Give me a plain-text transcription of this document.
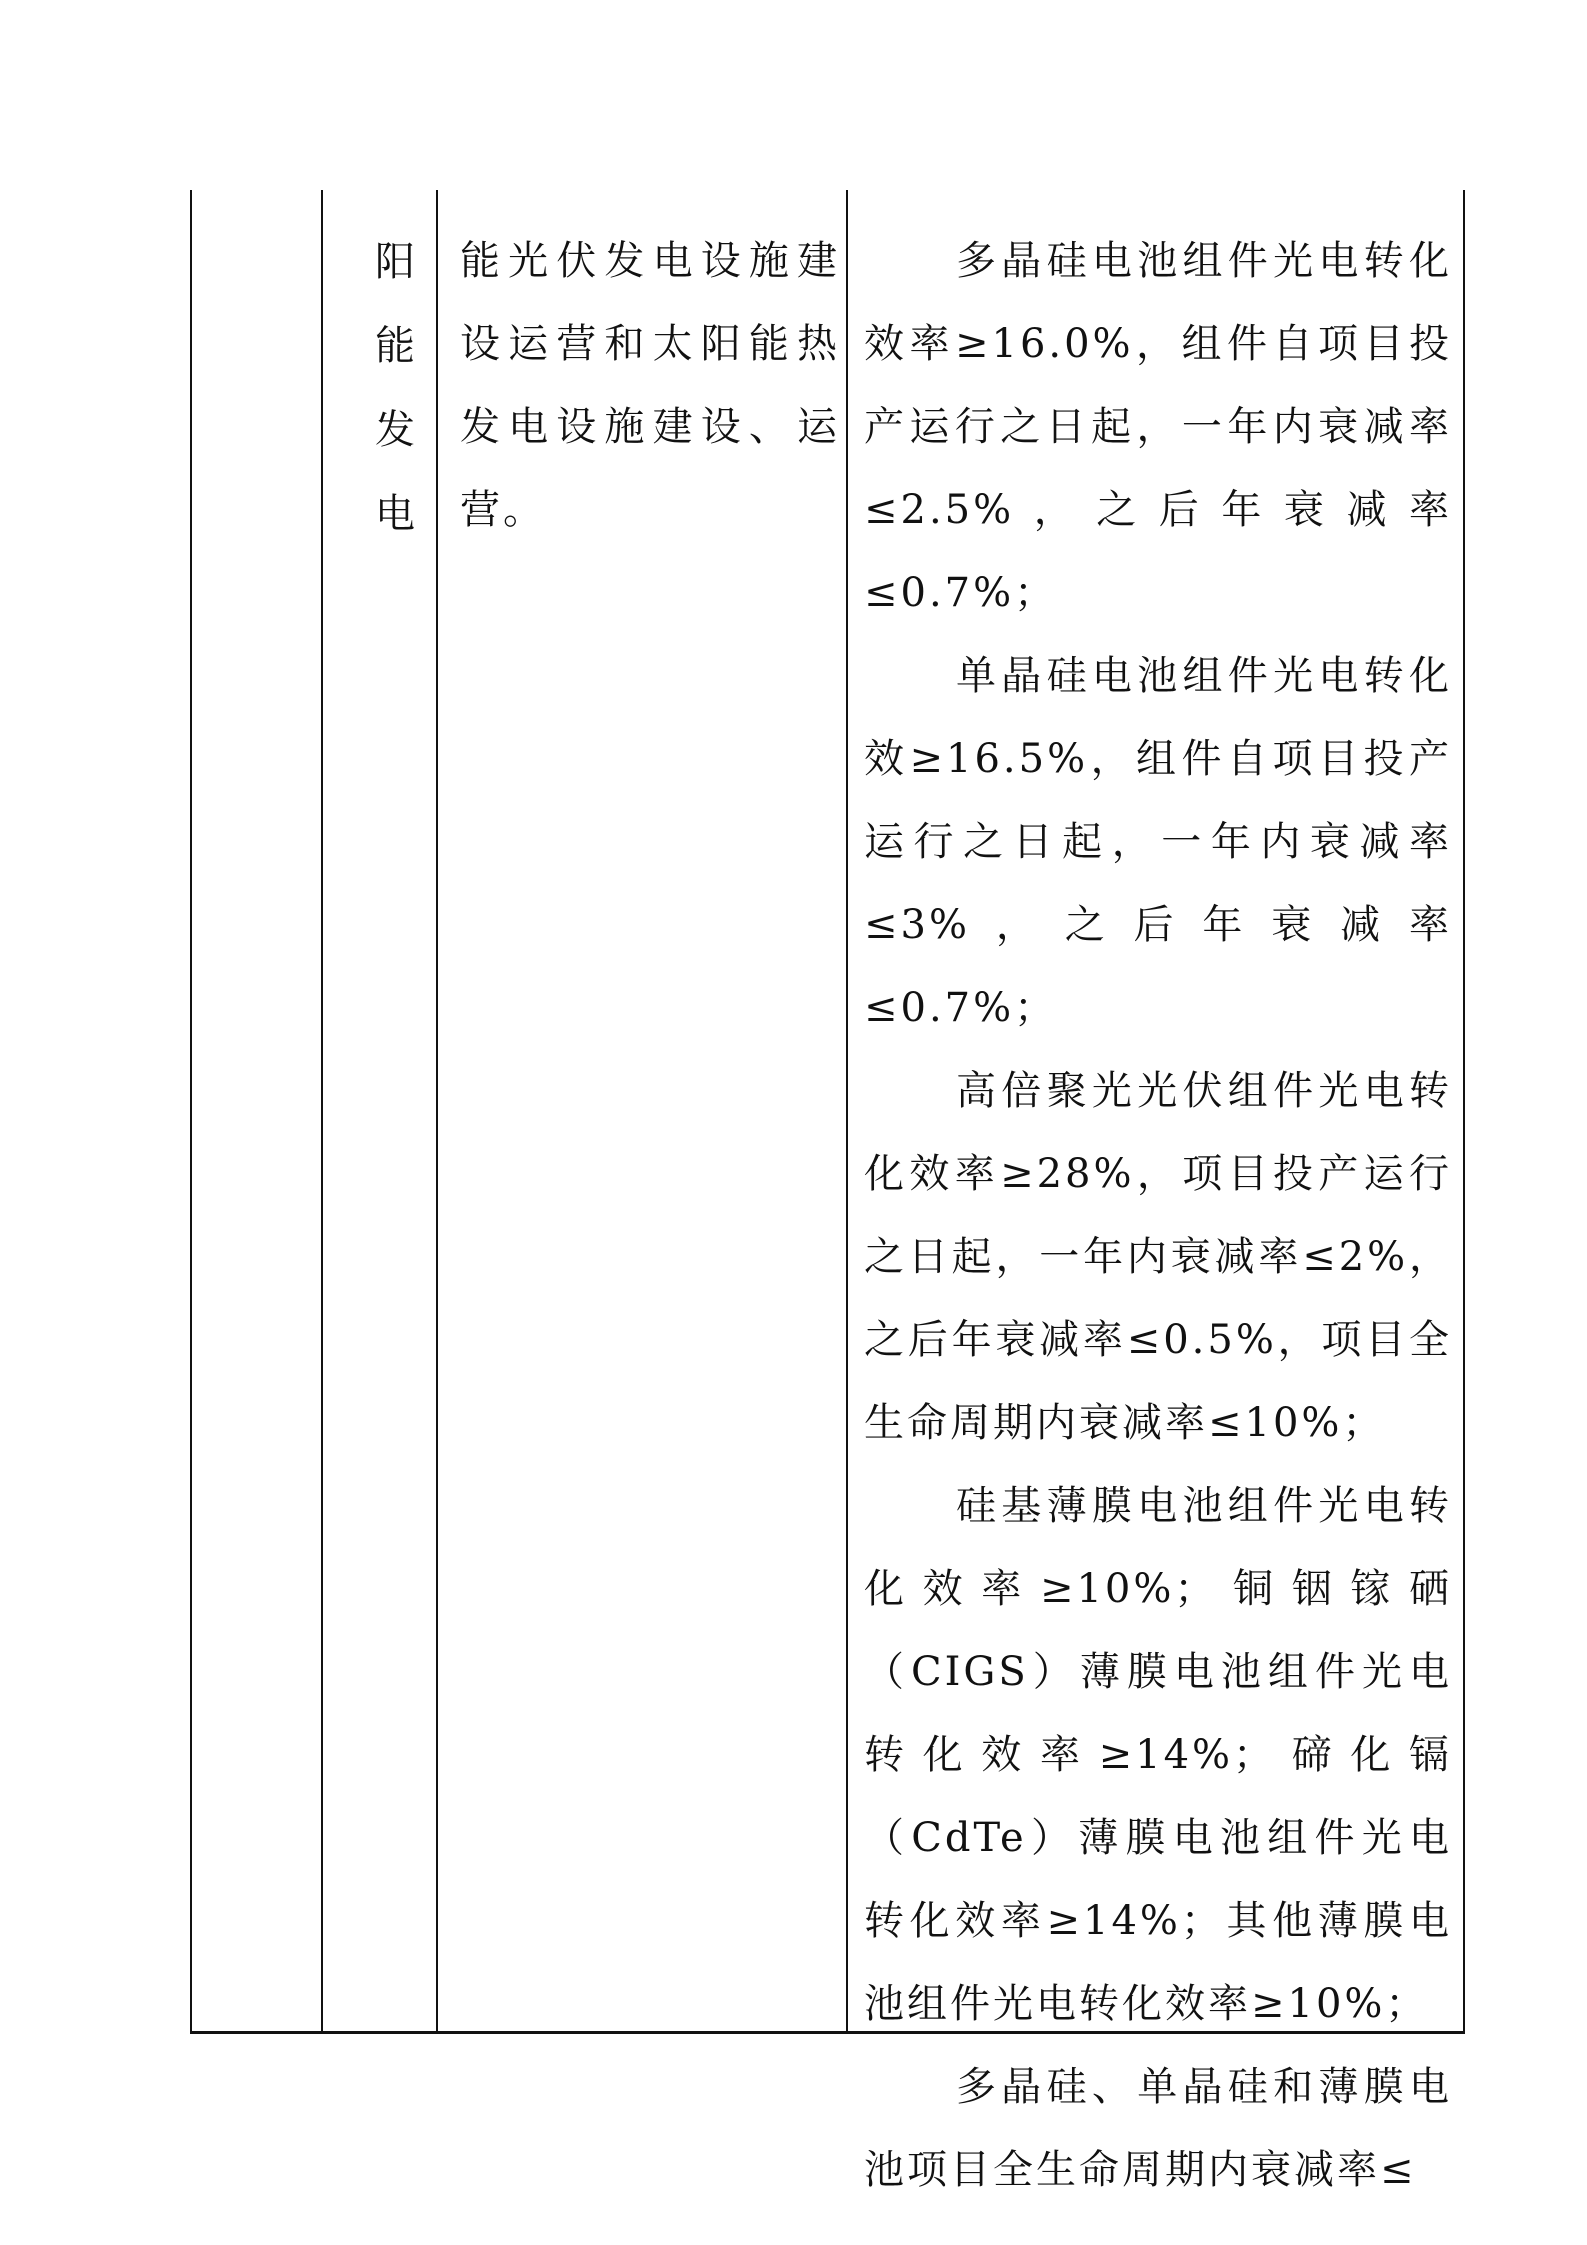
阳
能
发
电

能光伏发电设施建设运营和太阳能热发电设施建设、运营。

多晶硅电池组件光电转化效率≥16.0%，组件自项目投产运行之日起，一年内衰减率≤2.5%，之后年衰减率≤0.7%；

单晶硅电池组件光电转化效≥16.5%，组件自项目投产运行之日起，一年内衰减率≤3%，之后年衰减率≤0.7%；

高倍聚光光伏组件光电转化效率≥28%，项目投产运行之日起，一年内衰减率≤2%，之后年衰减率≤0.5%，项目全生命周期内衰减率≤10%；

硅基薄膜电池组件光电转化效率≥10%；铜铟镓硒（CIGS）薄膜电池组件光电转化效率≥14%；碲化镉（CdTe）薄膜电池组件光电转化效率≥14%；其他薄膜电池组件光电转化效率≥10%；

多晶硅、单晶硅和薄膜电池项目全生命周期内衰减率≤
